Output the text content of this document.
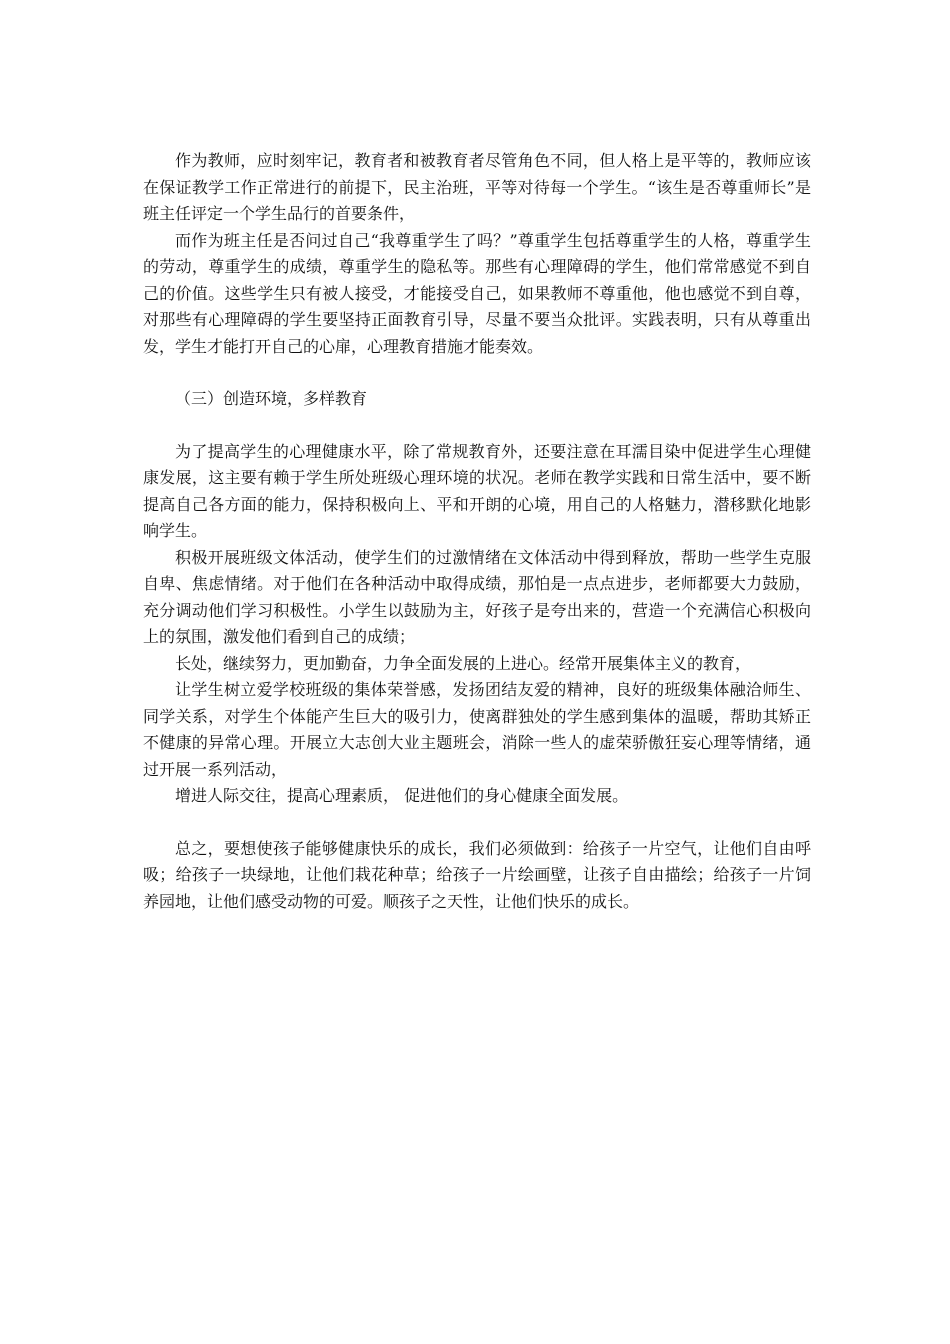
作为教师，应时刻牢记，教育者和被教育者尽管角色不同，但人格上是平等的，教师应该在保证教学工作正常进行的前提下，民主治班，平等对待每一个学生。“该生是否尊重师长”是班主任评定一个学生品行的首要条件，

而作为班主任是否问过自己“我尊重学生了吗？”尊重学生包括尊重学生的人格，尊重学生的劳动，尊重学生的成绩，尊重学生的隐私等。那些有心理障碍的学生，他们常常感觉不到自己的价值。这些学生只有被人接受，才能接受自己，如果教师不尊重他，他也感觉不到自尊，对那些有心理障碍的学生要坚持正面教育引导，尽量不要当众批评。实践表明，只有从尊重出发，学生才能打开自己的心扉，心理教育措施才能奏效。

（三）创造环境，多样教育

为了提高学生的心理健康水平，除了常规教育外，还要注意在耳濡目染中促进学生心理健康发展，这主要有赖于学生所处班级心理环境的状况。老师在教学实践和日常生活中，要不断提高自己各方面的能力，保持积极向上、平和开朗的心境，用自己的人格魅力，潜移默化地影响学生。

积极开展班级文体活动，使学生们的过激情绪在文体活动中得到释放，帮助一些学生克服自卑、焦虑情绪。对于他们在各种活动中取得成绩，那怕是一点点进步，老师都要大力鼓励，充分调动他们学习积极性。小学生以鼓励为主，好孩子是夸出来的，营造一个充满信心积极向上的氛围，激发他们看到自己的成绩；

长处，继续努力，更加勤奋，力争全面发展的上进心。经常开展集体主义的教育，

让学生树立爱学校班级的集体荣誉感，发扬团结友爱的精神，良好的班级集体融洽师生、同学关系，对学生个体能产生巨大的吸引力，使离群独处的学生感到集体的温暖，帮助其矫正不健康的异常心理。开展立大志创大业主题班会，消除一些人的虚荣骄傲狂妄心理等情绪，通过开展一系列活动，

增进人际交往，提高心理素质， 促进他们的身心健康全面发展。

总之，要想使孩子能够健康快乐的成长，我们必须做到：给孩子一片空气，让他们自由呼吸；给孩子一块绿地，让他们栽花种草；给孩子一片绘画壁，让孩子自由描绘；给孩子一片饲养园地，让他们感受动物的可爱。顺孩子之天性，让他们快乐的成长。
